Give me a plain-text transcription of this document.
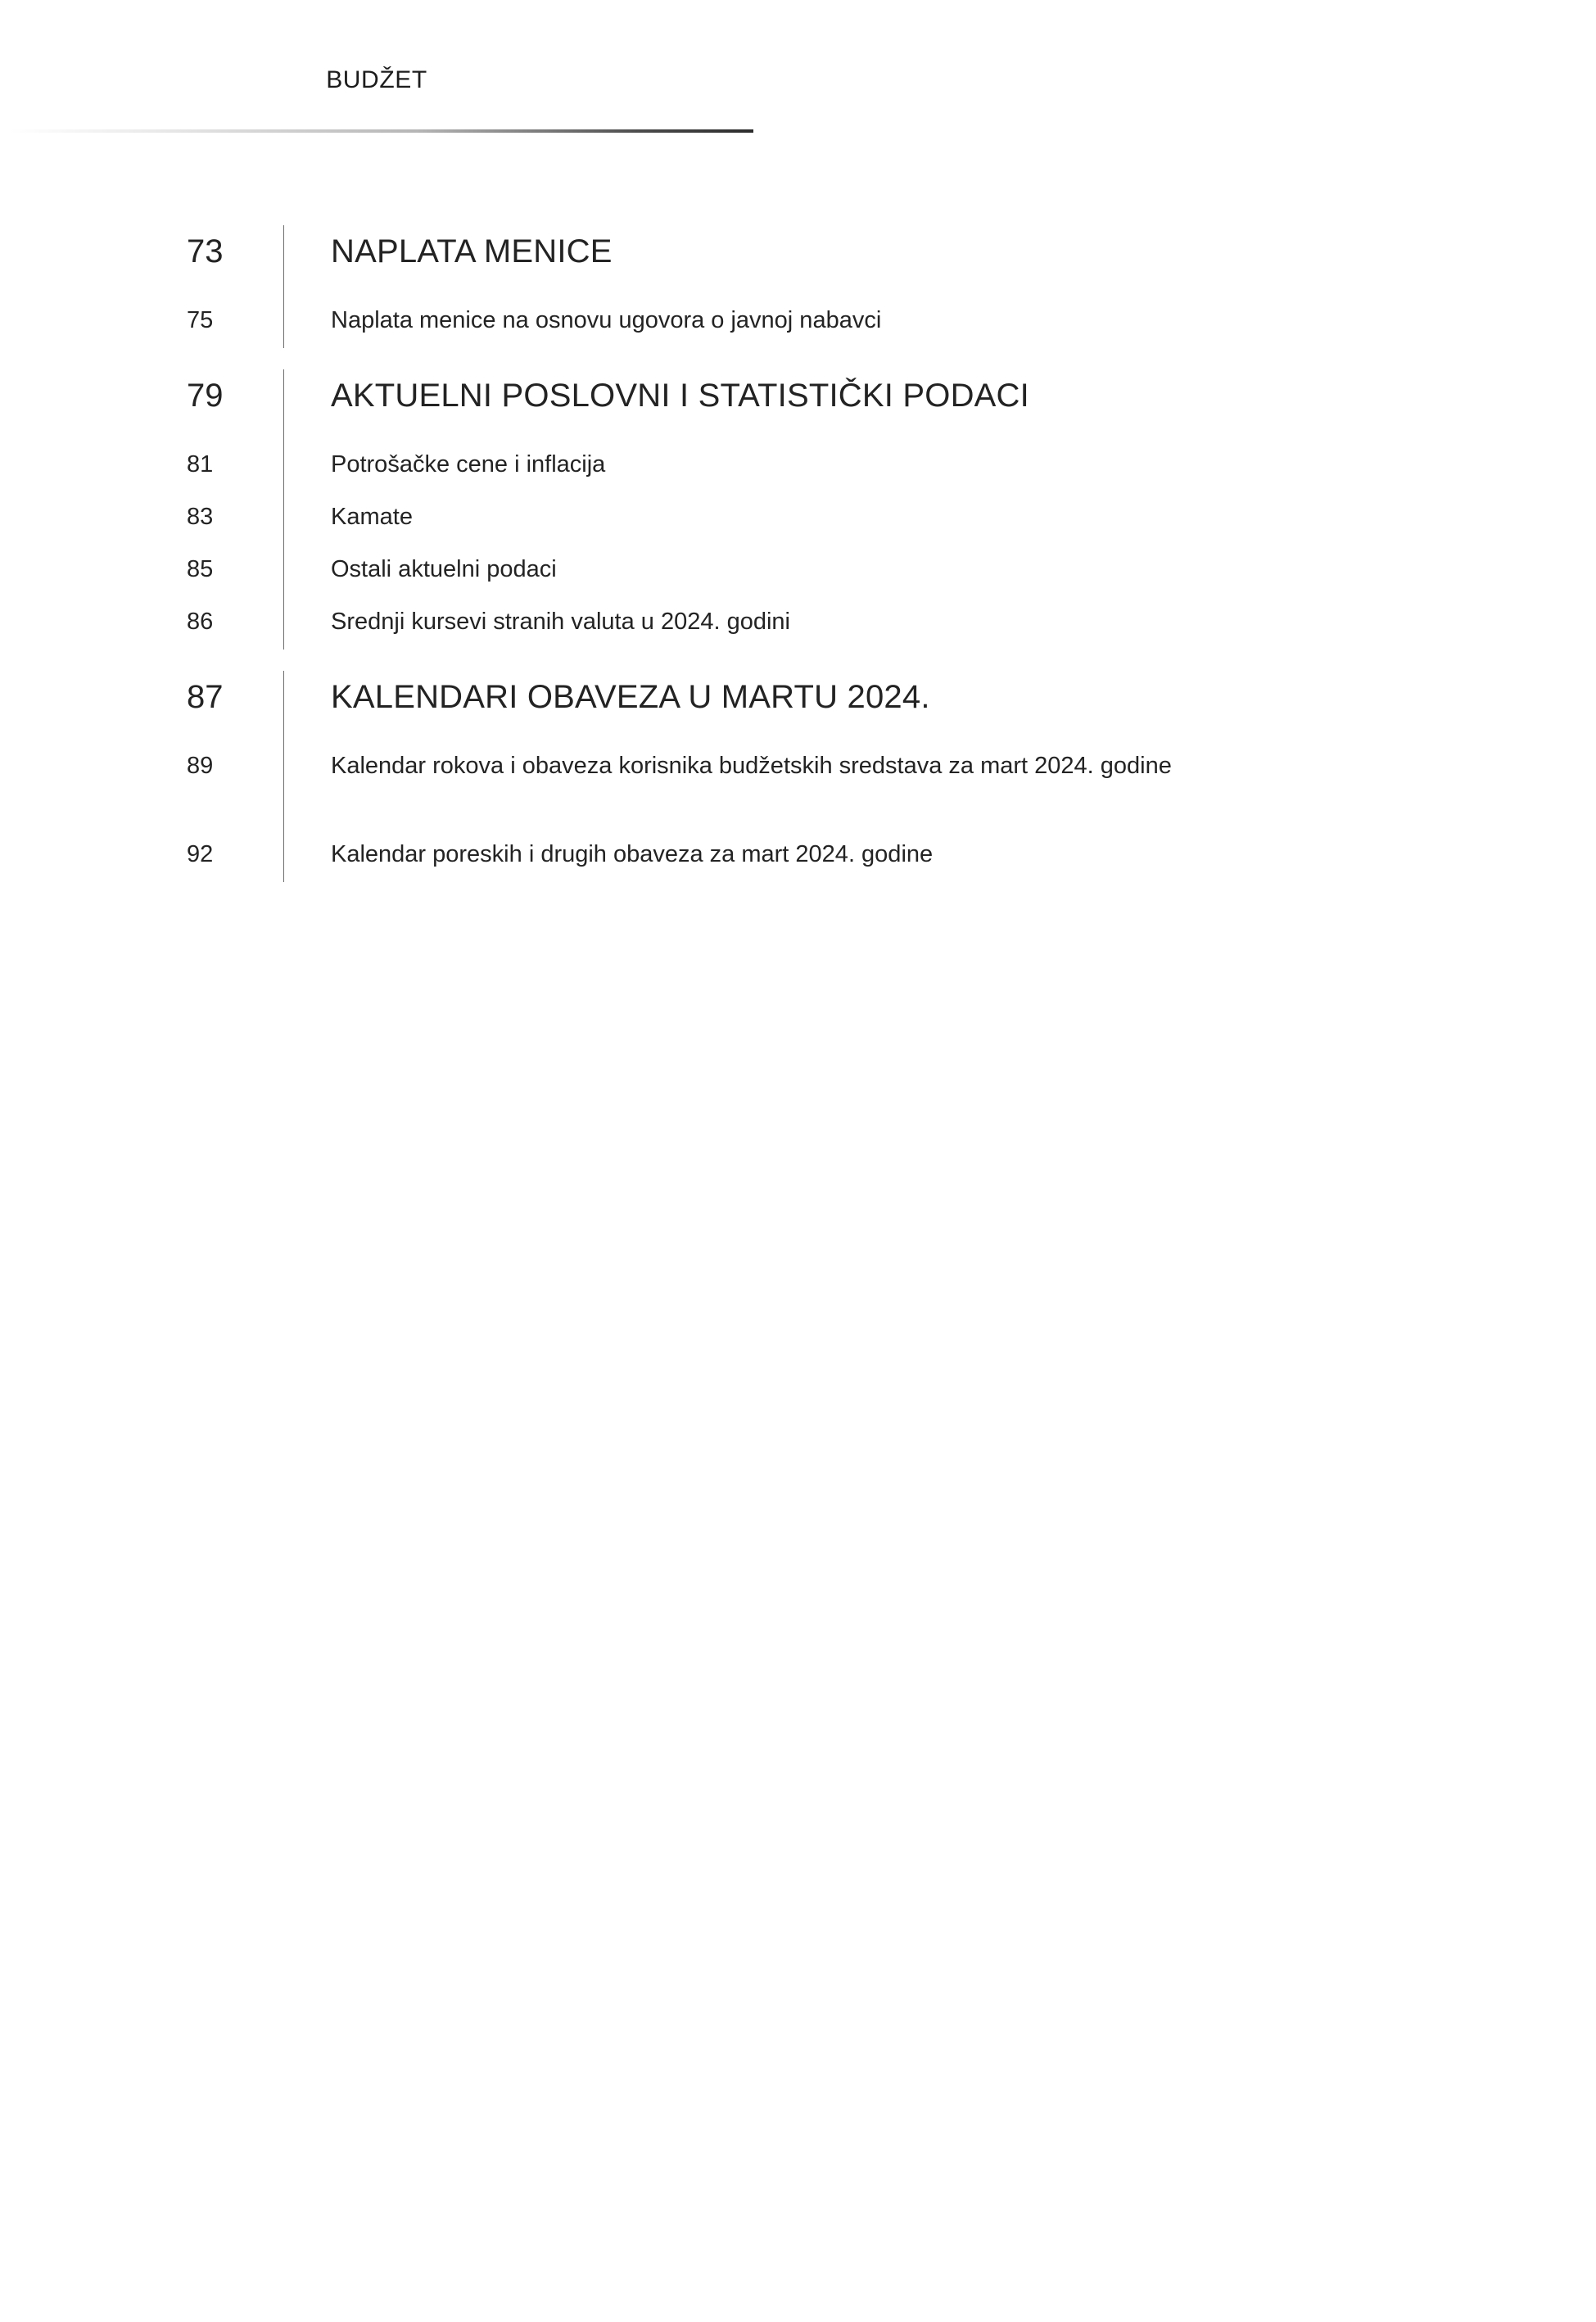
BUDŽET
73	NAPLATA MENICE
75	Naplata menice na osnovu ugovora o javnoj nabavci
79	AKTUELNI POSLOVNI I STATISTIČKI PODACI
81	Potrošačke cene i inflacija
83	Kamate
85	Ostali aktuelni podaci
86	Srednji kursevi stranih valuta u 2024. godini
87	KALENDARI OBAVEZA U MARTU 2024.
89	Kalendar rokova i obaveza korisnika budžetskih sredstava za mart 2024. godine
92	Kalendar poreskih i drugih obaveza za mart 2024. godine
